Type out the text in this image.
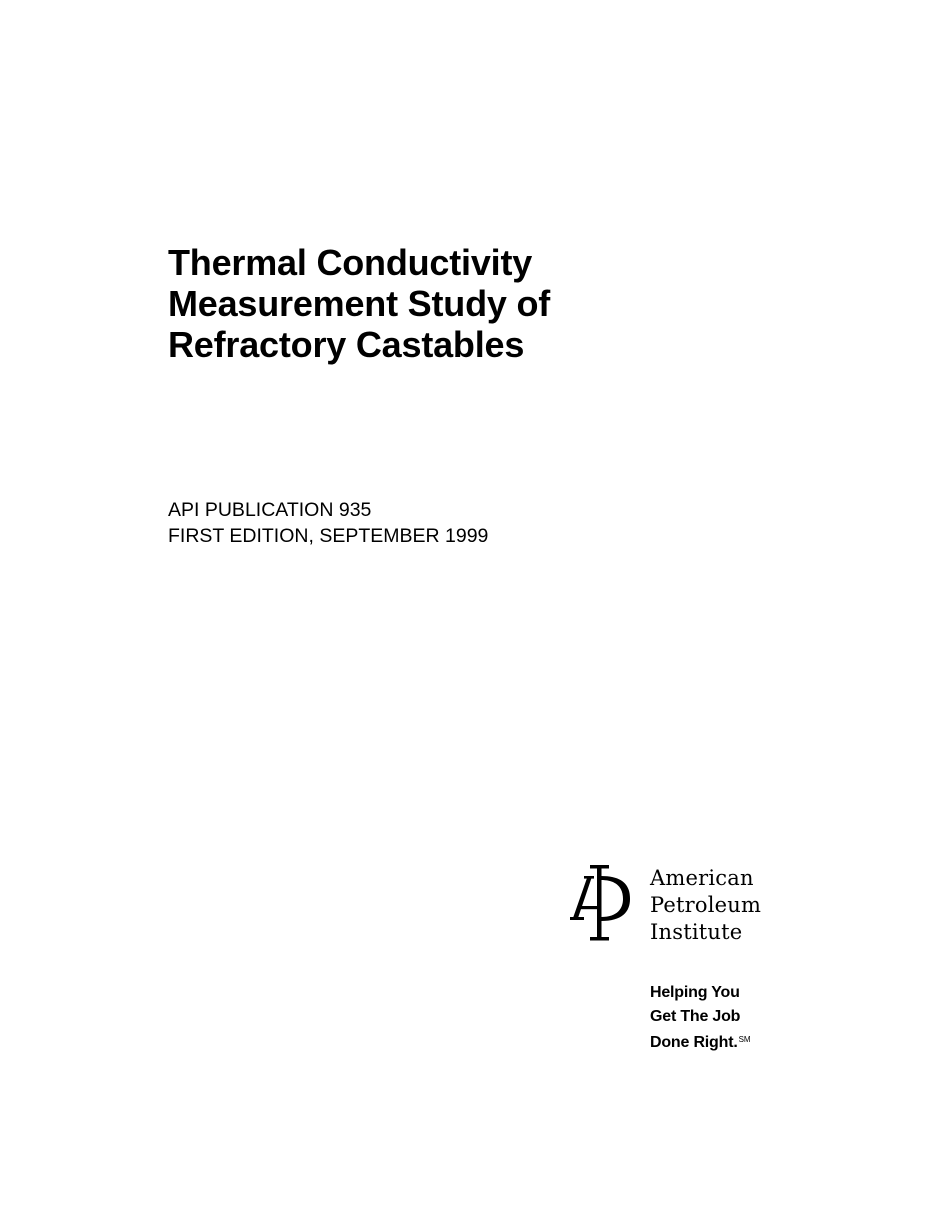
Thermal Conductivity
Measurement Study of
Refractory Castables
API PUBLICATION 935
FIRST EDITION, SEPTEMBER 1999
American
Petroleum
Institute
Helping You
Get The Job
Done Right.℠
